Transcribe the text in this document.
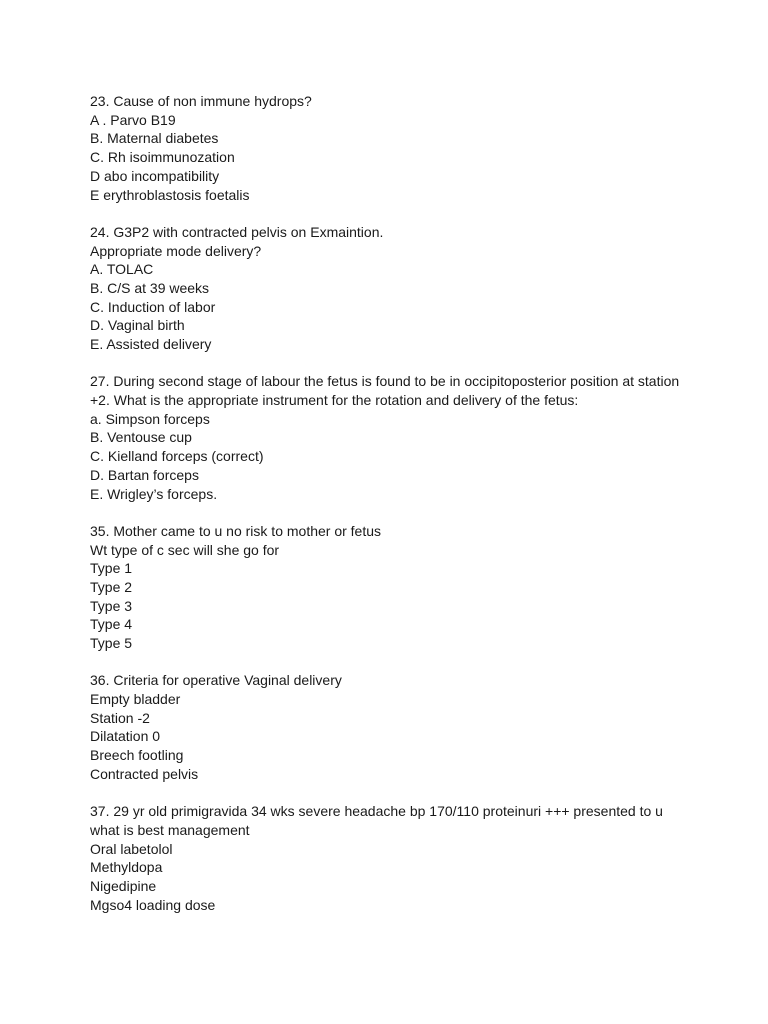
23. Cause of non immune hydrops?

A . Parvo B19

B. Maternal diabetes

C. Rh isoimmunozation

D abo incompatibility

E erythroblastosis foetalis

24. G3P2 with contracted pelvis on Exmaintion.

Appropriate mode delivery?

A. TOLAC

B. C/S at 39 weeks

C. Induction of labor

D. Vaginal birth

E. Assisted delivery

27. During second stage of labour the fetus is found to be in occipitoposterior position at station

+2. What is the appropriate instrument for the rotation and delivery of the fetus:

a. Simpson forceps

B. Ventouse cup

C. Kielland forceps (correct)

D. Bartan forceps

E. Wrigley’s forceps.

35. Mother came to u no risk to mother or fetus

Wt type of c sec will she go for

Type 1

Type 2

Type 3

Type 4

Type 5

36. Criteria for operative Vaginal delivery

Empty bladder

Station -2

Dilatation 0

Breech footling

Contracted pelvis

37. 29 yr old primigravida 34 wks severe headache bp 170/110 proteinuri +++ presented to u

what is best management

Oral labetolol

Methyldopa

Nigedipine

Mgso4 loading dose
